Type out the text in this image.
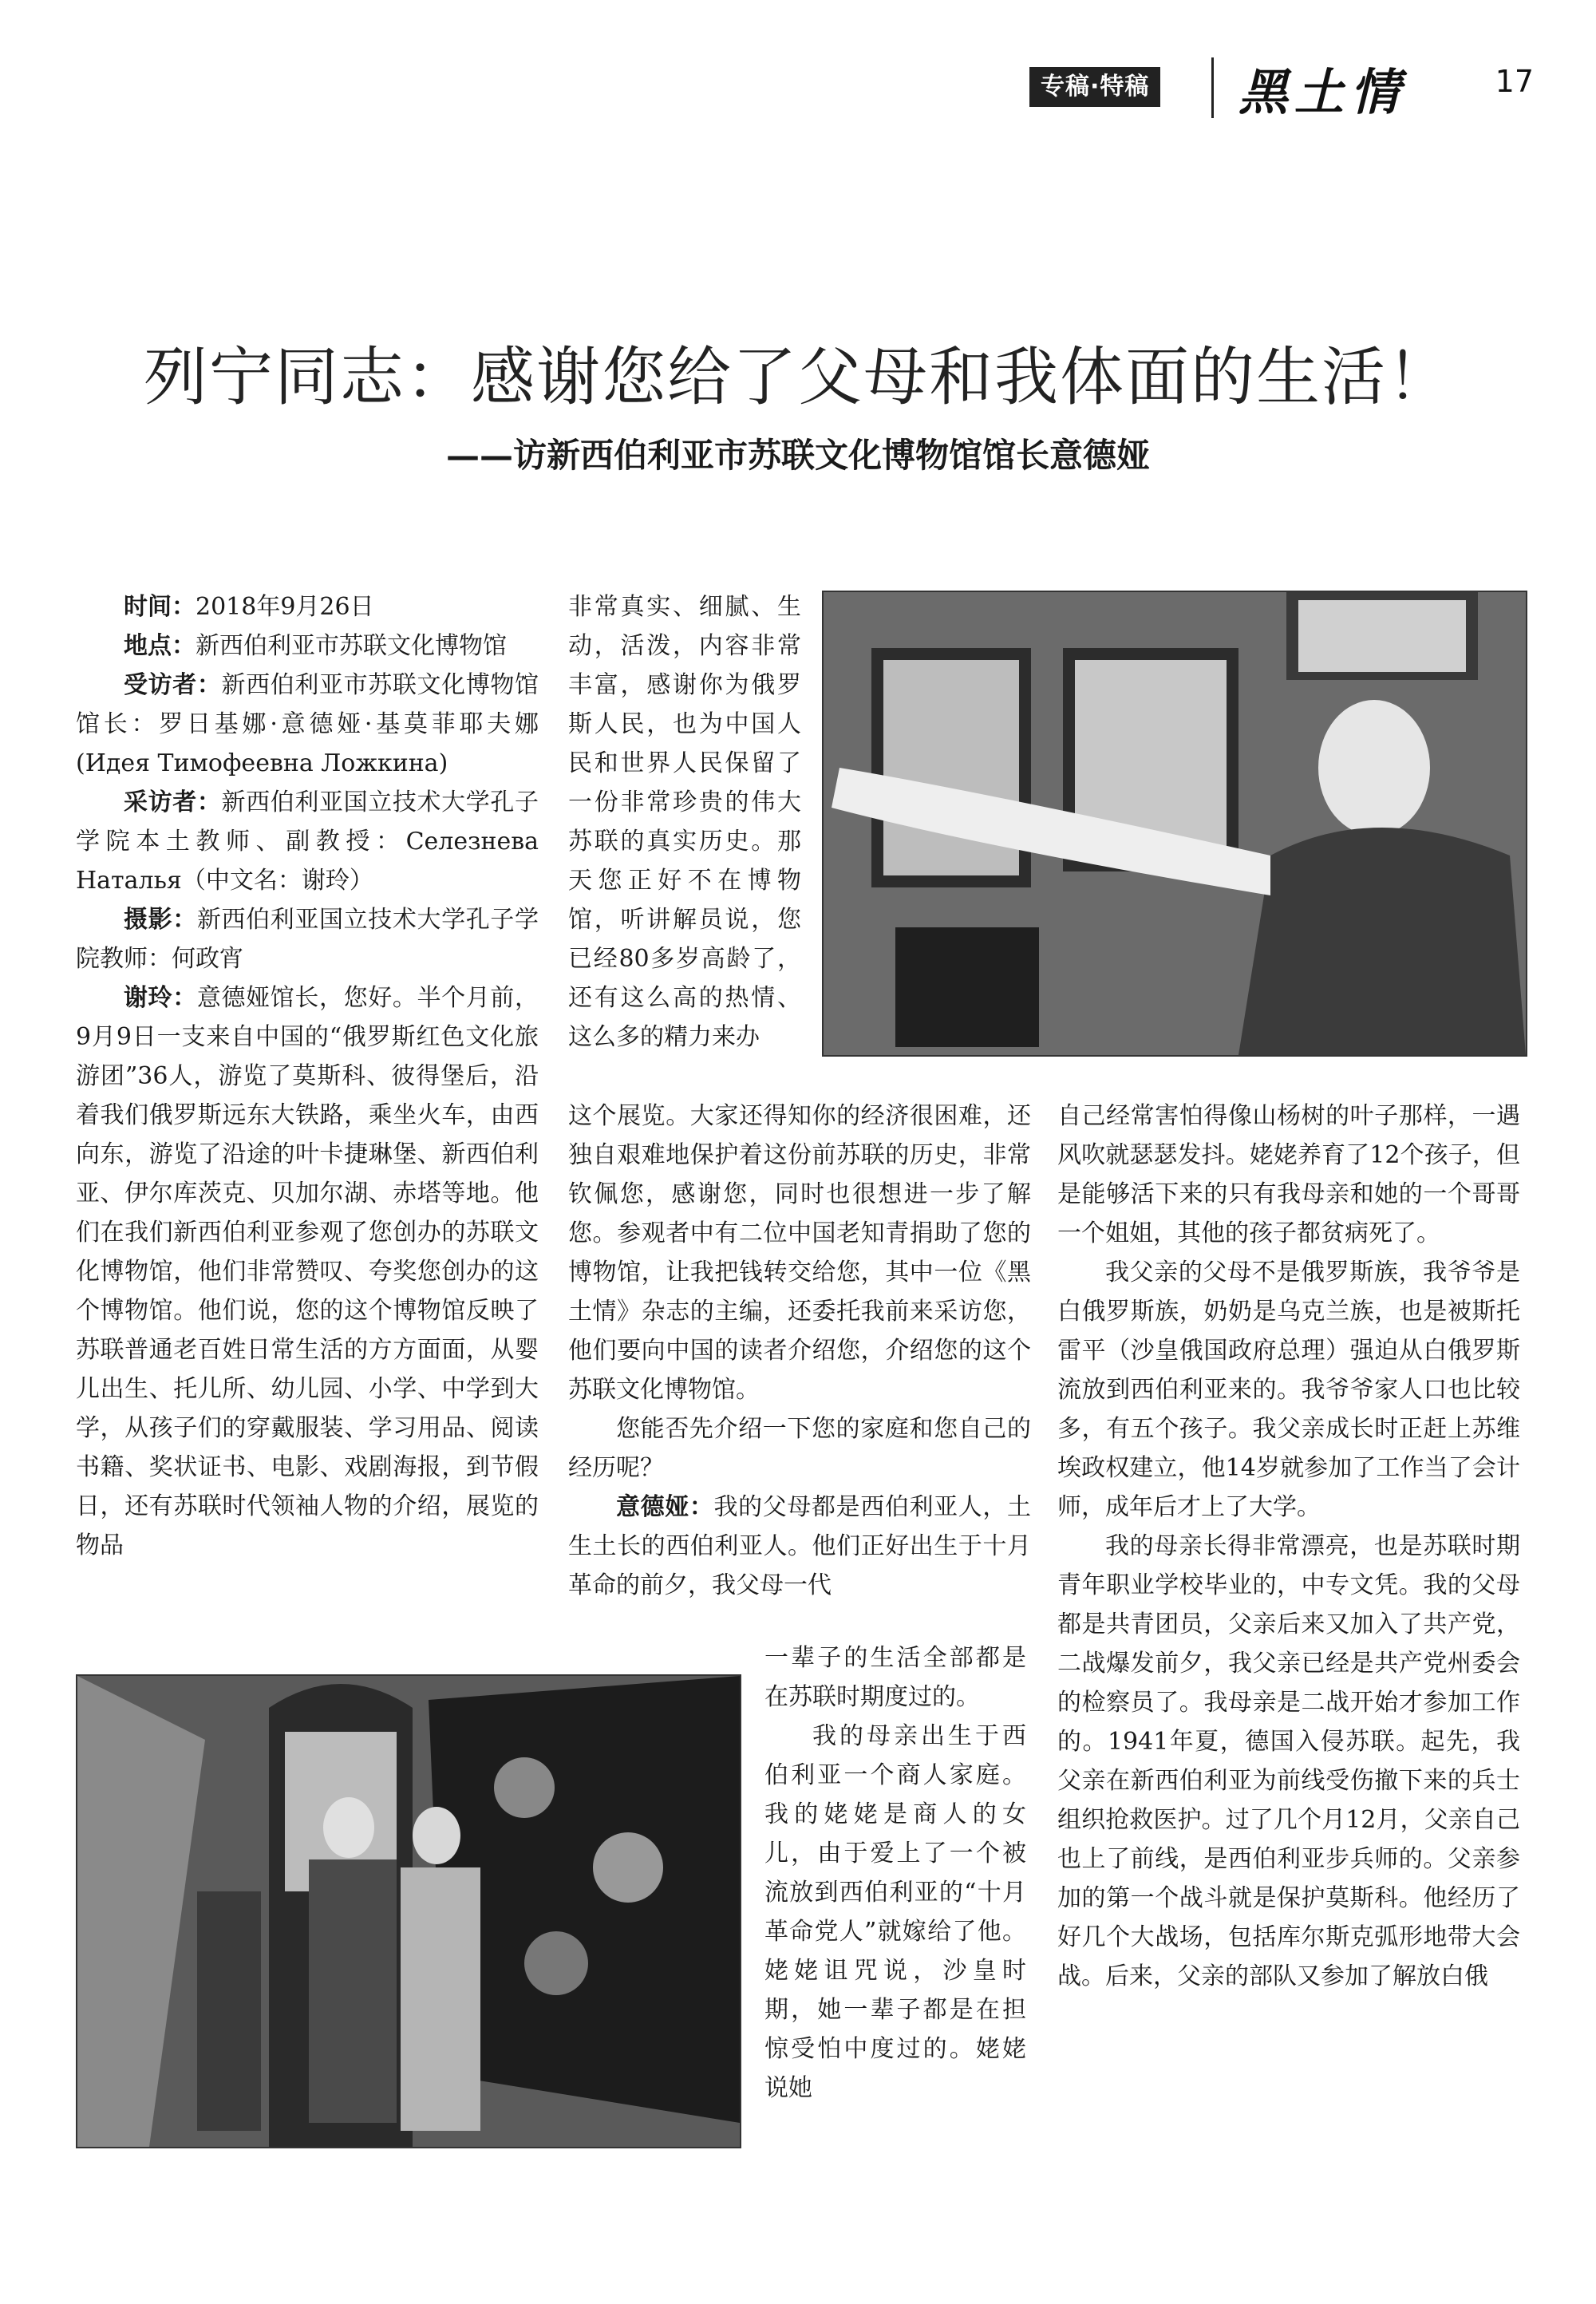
专稿·特稿 黑土情	17
列宁同志：感谢您给了父母和我体面的生活！
——访新西伯利亚市苏联文化博物馆馆长意德娅

时间：2018年9月26日

地点：新西伯利亚市苏联文化博物馆

受访者：新西伯利亚市苏联文化博物馆馆长：罗日基娜·意德娅·基莫菲耶夫娜 (Идея Тимофеевна Ложкина)

采访者：新西伯利亚国立技术大学孔子学院本土教师、副教授：Селезнева Наталья（中文名：谢玲）

摄影：新西伯利亚国立技术大学孔子学院教师：何政宵

谢玲：意德娅馆长，您好。半个月前，9月9日一支来自中国的“俄罗斯红色文化旅游团”36人，游览了莫斯科、彼得堡后，沿着我们俄罗斯远东大铁路，乘坐火车，由西向东，游览了沿途的叶卡捷琳堡、新西伯利亚、伊尔库茨克、贝加尔湖、赤塔等地。他们在我们新西伯利亚参观了您创办的苏联文化博物馆，他们非常赞叹、夸奖您创办的这个博物馆。他们说，您的这个博物馆反映了苏联普通老百姓日常生活的方方面面，从婴儿出生、托儿所、幼儿园、小学、中学到大学，从孩子们的穿戴服装、学习用品、阅读书籍、奖状证书、电影、戏剧海报，到节假日，还有苏联时代领袖人物的介绍，展览的物品

非常真实、细腻、生动，活泼，内容非常丰富，感谢你为俄罗斯人民，也为中国人民和世界人民保留了一份非常珍贵的伟大苏联的真实历史。那天您正好不在博物馆，听讲解员说，您已经80多岁高龄了，还有这么高的热情、这么多的精力来办

这个展览。大家还得知你的经济很困难，还独自艰难地保护着这份前苏联的历史，非常钦佩您，感谢您，同时也很想进一步了解您。参观者中有二位中国老知青捐助了您的博物馆，让我把钱转交给您，其中一位《黑土情》杂志的主编，还委托我前来采访您，他们要向中国的读者介绍您，介绍您的这个苏联文化博物馆。

您能否先介绍一下您的家庭和您自己的经历呢？

意德娅：我的父母都是西伯利亚人，土生土长的西伯利亚人。他们正好出生于十月革命的前夕，我父母一代

一辈子的生活全部都是在苏联时期度过的。

我的母亲出生于西伯利亚一个商人家庭。我的姥姥是商人的女儿，由于爱上了一个被流放到西伯利亚的“十月革命党人”就嫁给了他。姥姥诅咒说，沙皇时期，她一辈子都是在担惊受怕中度过的。姥姥说她

自己经常害怕得像山杨树的叶子那样，一遇风吹就瑟瑟发抖。姥姥养育了12个孩子，但是能够活下来的只有我母亲和她的一个哥哥一个姐姐，其他的孩子都贫病死了。

我父亲的父母不是俄罗斯族，我爷爷是白俄罗斯族，奶奶是乌克兰族，也是被斯托雷平（沙皇俄国政府总理）强迫从白俄罗斯流放到西伯利亚来的。我爷爷家人口也比较多，有五个孩子。我父亲成长时正赶上苏维埃政权建立，他14岁就参加了工作当了会计师，成年后才上了大学。

我的母亲长得非常漂亮，也是苏联时期青年职业学校毕业的，中专文凭。我的父母都是共青团员，父亲后来又加入了共产党，二战爆发前夕，我父亲已经是共产党州委会的检察员了。我母亲是二战开始才参加工作的。1941年夏，德国入侵苏联。起先，我父亲在新西伯利亚为前线受伤撤下来的兵士组织抢救医护。过了几个月12月，父亲自己也上了前线，是西伯利亚步兵师的。父亲参加的第一个战斗就是保护莫斯科。他经历了好几个大战场，包括库尔斯克弧形地带大会战。后来，父亲的部队又参加了解放白俄
